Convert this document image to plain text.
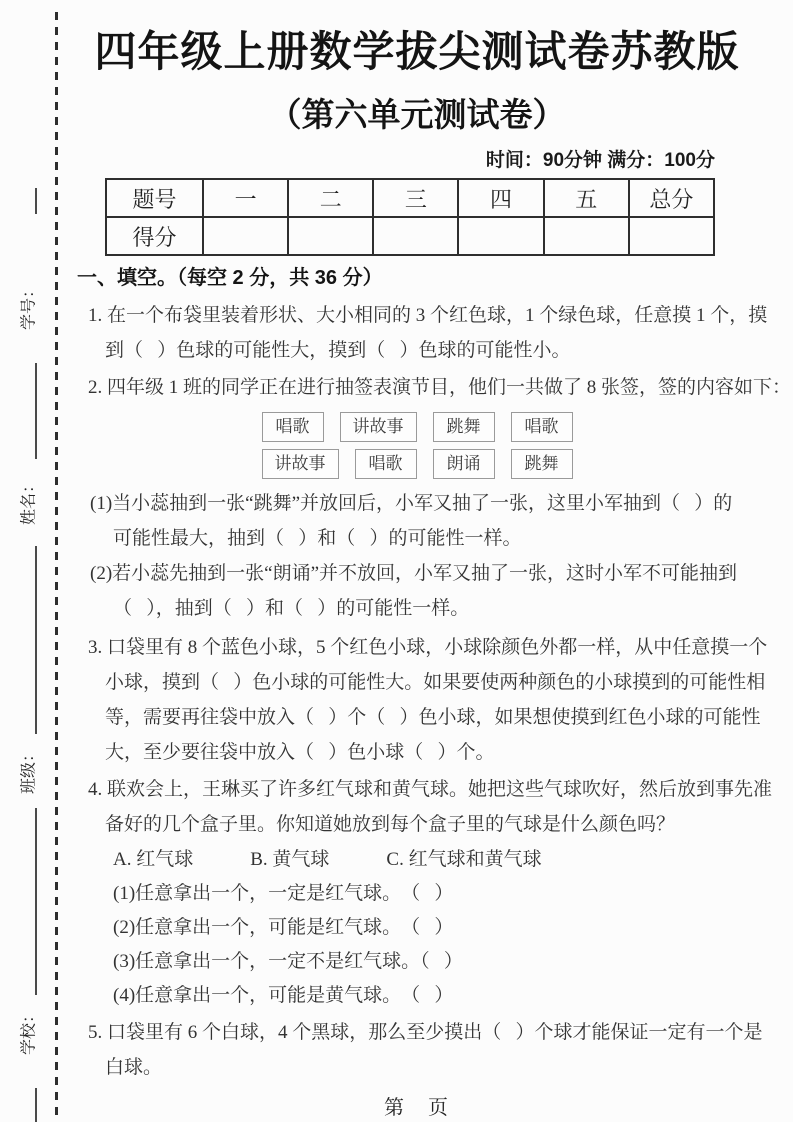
学号：
姓名：
班级：
学校：
四年级上册数学拔尖测试卷苏教版
（第六单元测试卷）
时间：90分钟 满分：100分
题号	一	二	三	四	五	总分
得分						
一、填空。（每空 2 分，共 36 分）
1. 在一个布袋里装着形状、大小相同的 3 个红色球，1 个绿色球，任意摸 1 个，摸
到（   ）色球的可能性大，摸到（   ）色球的可能性小。
2. 四年级 1 班的同学正在进行抽签表演节目，他们一共做了 8 张签，签的内容如下：
唱歌	讲故事	跳舞	唱歌
讲故事	唱歌	朗诵	跳舞
(1)当小蕊抽到一张“跳舞”并放回后，小军又抽了一张，这里小军抽到（   ）的
可能性最大，抽到（   ）和（   ）的可能性一样。
(2)若小蕊先抽到一张“朗诵”并不放回，小军又抽了一张，这时小军不可能抽到
（   ），抽到（   ）和（   ）的可能性一样。
3. 口袋里有 8 个蓝色小球，5 个红色小球，小球除颜色外都一样，从中任意摸一个
小球，摸到（   ）色小球的可能性大。如果要使两种颜色的小球摸到的可能性相
等，需要再往袋中放入（   ）个（   ）色小球，如果想使摸到红色小球的可能性
大，至少要往袋中放入（   ）色小球（   ）个。
4. 联欢会上，王琳买了许多红气球和黄气球。她把这些气球吹好，然后放到事先准
备好的几个盒子里。你知道她放到每个盒子里的气球是什么颜色吗？
A. 红气球　　　B. 黄气球　　　C. 红气球和黄气球
(1)任意拿出一个，一定是红气球。　（   ）
(2)任意拿出一个，可能是红气球。　（   ）
(3)任意拿出一个，一定不是红气球。（   ）
(4)任意拿出一个，可能是黄气球。　（   ）
5. 口袋里有 6 个白球，4 个黑球，那么至少摸出（   ）个球才能保证一定有一个是
白球。
第　页
